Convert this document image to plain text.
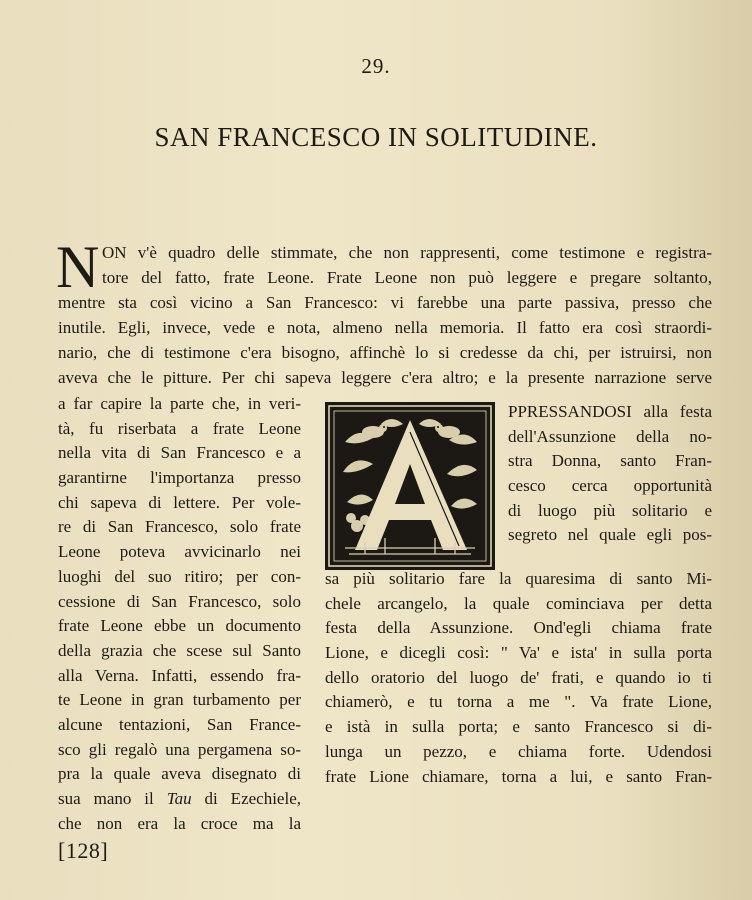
29.
SAN FRANCESCO IN SOLITUDINE.
N ON v'è quadro delle stimmate, che non rappresenti, come testimone e registra-
tore del fatto, frate Leone. Frate Leone non può leggere e pregare soltanto,
mentre sta così vicino a San Francesco: vi farebbe una parte passiva, presso che
inutile. Egli, invece, vede e nota, almeno nella memoria. Il fatto era così straordi-
nario, che di testimone c'era bisogno, affinchè lo si credesse da chi, per istruirsi, non
aveva che le pitture. Per chi sapeva leggere c'era altro; e la presente narrazione serve
a far capire la parte che, in veri-
tà, fu riserbata a frate Leone
nella vita di San Francesco e a
garantirne l'importanza presso
chi sapeva di lettere. Per vole-
re di San Francesco, solo frate
Leone poteva avvicinarlo nei
luoghi del suo ritiro; per con-
cessione di San Francesco, solo
frate Leone ebbe un documento
della grazia che scese sul Santo
alla Verna. Infatti, essendo fra-
te Leone in gran turbamento per
alcune tentazioni, San France-
sco gli regalò una pergamena so-
pra la quale aveva disegnato di
sua mano il Tau di Ezechiele,
che non era la croce ma la
PPRESSANDOSI alla festa
dell'Assunzione della no-
stra Donna, santo Fran-
cesco cerca opportunità
di luogo più solitario e
segreto nel quale egli pos-
sa più solitario fare la quaresima di santo Mi-
chele arcangelo, la quale cominciava per detta
festa della Assunzione. Ond'egli chiama frate
Lione, e dicegli così: " Va' e ista' in sulla porta
dello oratorio del luogo de' frati, e quando io ti
chiamerò, e tu torna a me ". Va frate Lione,
e istà in sulla porta; e santo Francesco si di-
lunga un pezzo, e chiama forte. Udendosi
frate Lione chiamare, torna a lui, e santo Fran-
[128]
